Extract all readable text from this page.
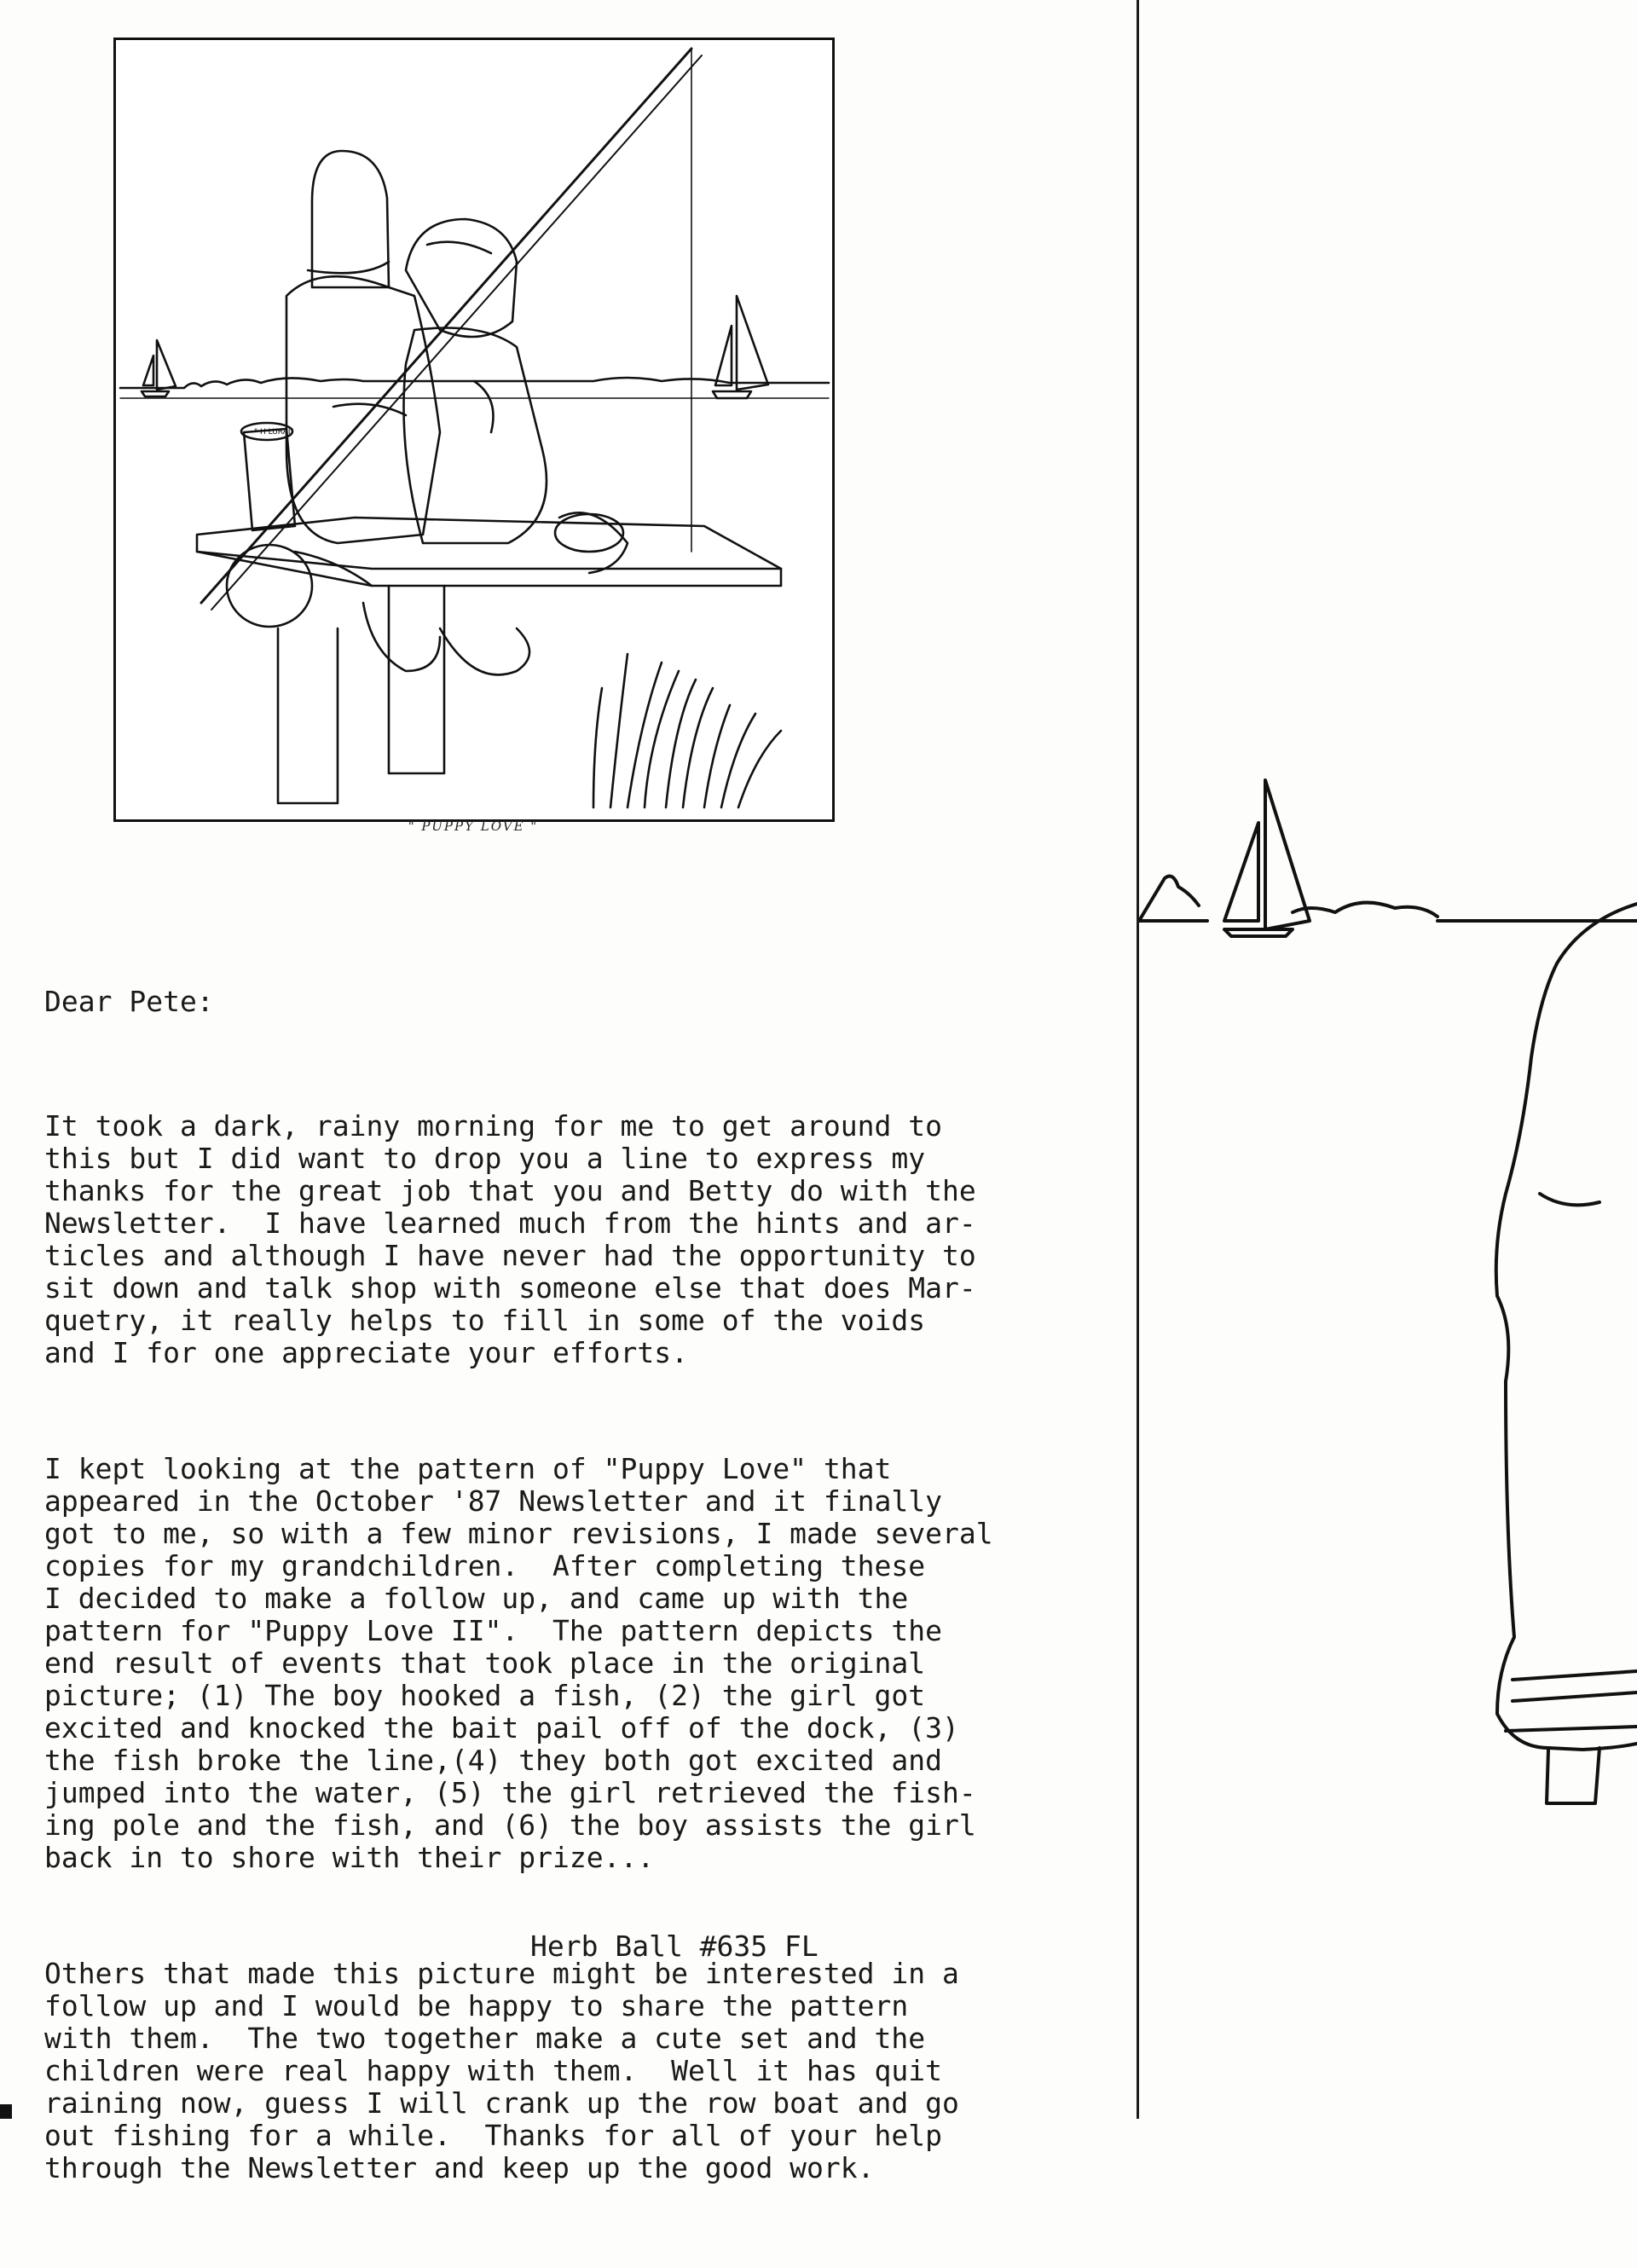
" H LURAI"
" PUPPY LOVE "

Dear Pete:

It took a dark, rainy morning for me to get around to
this but I did want to drop you a line to express my
thanks for the great job that you and Betty do with the
Newsletter.  I have learned much from the hints and ar-
ticles and although I have never had the opportunity to
sit down and talk shop with someone else that does Mar-
quetry, it really helps to fill in some of the voids
and I for one appreciate your efforts.

I kept looking at the pattern of "Puppy Love" that
appeared in the October '87 Newsletter and it finally
got to me, so with a few minor revisions, I made several
copies for my grandchildren.  After completing these
I decided to make a follow up, and came up with the
pattern for "Puppy Love II".  The pattern depicts the
end result of events that took place in the original
picture; (1) The boy hooked a fish, (2) the girl got
excited and knocked the bait pail off of the dock, (3)
the fish broke the line,(4) they both got excited and
jumped into the water, (5) the girl retrieved the fish-
ing pole and the fish, and (6) the boy assists the girl
back in to shore with their prize...

Others that made this picture might be interested in a
follow up and I would be happy to share the pattern
with them.  The two together make a cute set and the
children were real happy with them.  Well it has quit
raining now, guess I will crank up the row boat and go
out fishing for a while.  Thanks for all of your help
through the Newsletter and keep up the good work.

Herb Ball #635 FL
